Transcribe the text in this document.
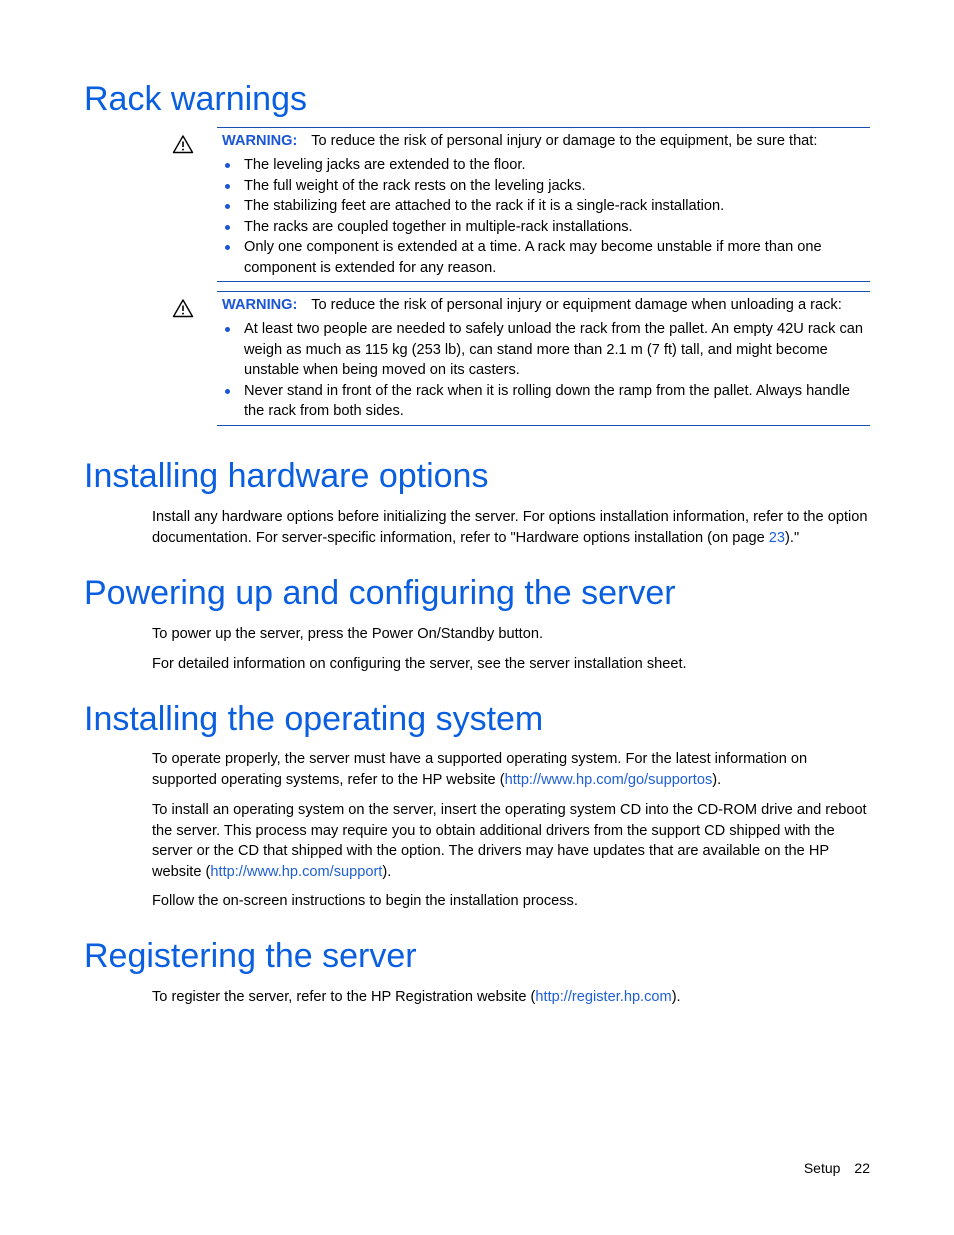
Rack warnings

WARNING: To reduce the risk of personal injury or damage to the equipment, be sure that:

The leveling jacks are extended to the floor.
The full weight of the rack rests on the leveling jacks.
The stabilizing feet are attached to the rack if it is a single-rack installation.
The racks are coupled together in multiple-rack installations.
Only one component is extended at a time. A rack may become unstable if more than one component is extended for any reason.

WARNING: To reduce the risk of personal injury or equipment damage when unloading a rack:

At least two people are needed to safely unload the rack from the pallet. An empty 42U rack can weigh as much as 115 kg (253 lb), can stand more than 2.1 m (7 ft) tall, and might become unstable when being moved on its casters.
Never stand in front of the rack when it is rolling down the ramp from the pallet. Always handle the rack from both sides.
Installing hardware options

Install any hardware options before initializing the server. For options installation information, refer to the option documentation. For server-specific information, refer to "Hardware options installation (on page 23)."

Powering up and configuring the server

To power up the server, press the Power On/Standby button.

For detailed information on configuring the server, see the server installation sheet.

Installing the operating system

To operate properly, the server must have a supported operating system. For the latest information on supported operating systems, refer to the HP website (http://www.hp.com/go/supportos).

To install an operating system on the server, insert the operating system CD into the CD-ROM drive and reboot the server. This process may require you to obtain additional drivers from the support CD shipped with the server or the CD that shipped with the option. The drivers may have updates that are available on the HP website (http://www.hp.com/support).

Follow the on-screen instructions to begin the installation process.

Registering the server

To register the server, refer to the HP Registration website (http://register.hp.com).

Setup 22
